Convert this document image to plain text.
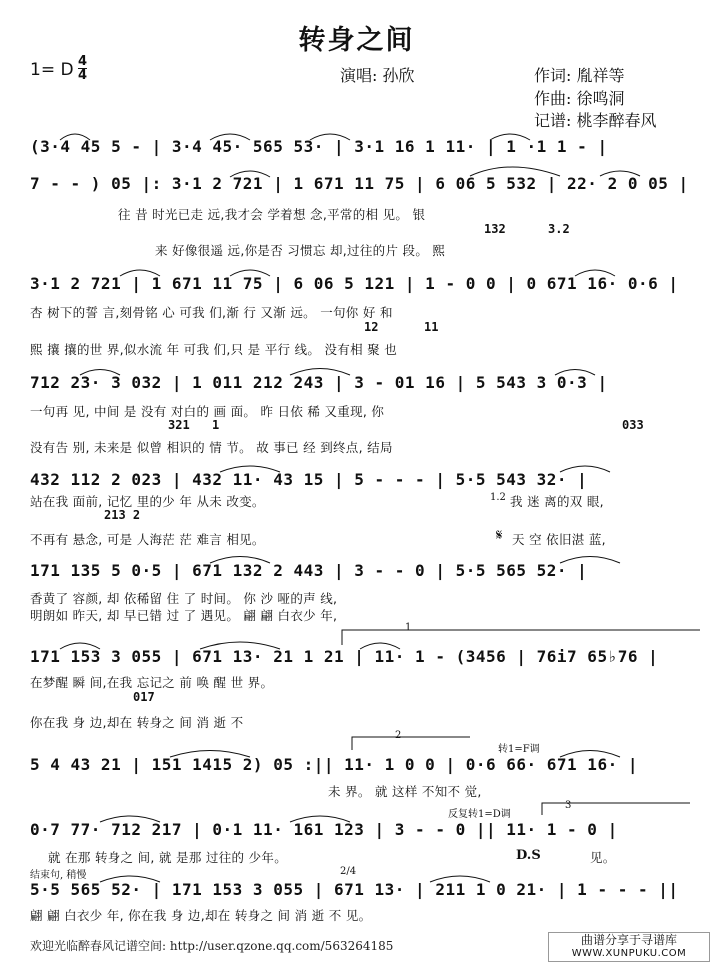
转身之间
1= D 4
4	演唱: 孙欣	作词: 胤祥等
作曲: 徐鸣洞
记谱: 桃李醉春风
(3·4 45 5 - | 3·4 45· 565 53· | 3·1 16 1 11· | 1 ·1 1 - |
7 - - ) 05 |: 3·1 2 721 | 1 671 11 75 | 6 06 5 532 | 22· 2 0 05 |
往 昔 时光已走 远,我才会 学着想 念,平常的相 见。 银
132	3.2
来 好像很遥 远,你是否 习惯忘 却,过往的片 段。 熙
3·1 2 721 | 1 671 11 75 | 6 06 5 121 | 1 - 0 0 | 0 671 16· 0·6 |
杏 树下的誓 言,刻骨铭 心 可我 们,渐 行 又渐 远。 一句你 好 和
12	11
熙 攘 攘的世 界,似水流 年 可我 们,只 是 平行 线。 没有相 聚 也
712 23· 3 032 | 1 011 212 243 | 3 - 01 16 | 5 543 3 0·3 |
一句再 见, 中间 是 没有 对白的 画 面。 昨 日依 稀 又重现, 你
321 1	033
没有告 别, 未来是 似曾 相识的 情 节。 故 事已 经 到终点, 结局
432 112 2 023 | 432 11· 43 15 | 5 - - - | 5·5 543 32· |
站在我 面前, 记忆 里的少 年 从未 改变。	1.2 我 迷 离的双 眼,
213 2
不再有 悬念, 可是 人海茫 茫 难言 相见。	𝄋 天 空 依旧湛 蓝,
171 135 5 0·5 | 671 132 2 443 | 3 - - 0 | 5·5 565 52· |
香黄了 容颜, 却 依稀留 住 了 时间。 你 沙 哑的声 线,
明朗如 昨天, 却 早已错 过 了 遇见。 翩 翩 白衣少 年,
1
171 153 3 055 | 671 13· 21 1 21 | 11· 1 - (3456 | 76i7 65♭76 |
在梦醒 瞬 间,在我 忘记之 前 唤 醒 世 界。
017
你在我 身 边,却在 转身之 间 消 逝 不
2
转1=F调
5 4 43 21 | 151 1415 2) 05 :|| 11· 1 0 0 | 0·6 66· 671 16· |
未 界。 就 这样 不知不 觉,
反复转1=D调
3
0·7 77· 712 217 | 0·1 11· 161 123 | 3 - - 0 || 11· 1 - 0 |
就 在那 转身之 间, 就 是那 过往的 少年。	D.S	见。
结束句, 稍慢	2/4
5·5 565 52· | 171 153 3 055 | 671 13· | 211 1 0 21· | 1 - - - ||
翩 翩 白衣少 年, 你在我 身 边,却在 转身之 间 消 逝 不 见。
欢迎光临醉春风记谱空间: http://user.qzone.qq.com/563264185	曲谱分享于寻谱库
WWW.XUNPUKU.COM
